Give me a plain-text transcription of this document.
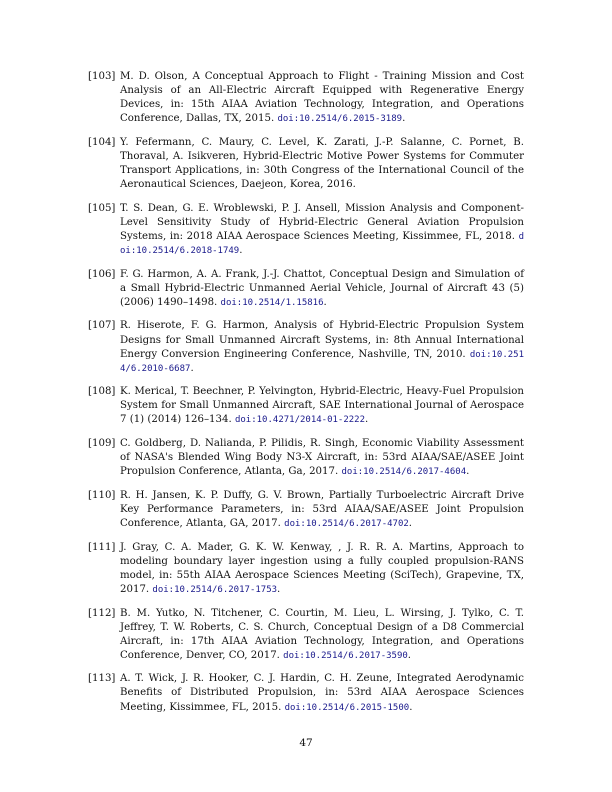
[103] M. D. Olson, A Conceptual Approach to Flight - Training Mission and Cost Analysis of an All-Electric Aircraft Equipped with Regenerative Energy Devices, in: 15th AIAA Aviation Technology, Integration, and Operations Conference, Dallas, TX, 2015. doi:10.2514/6.2015-3189.
[104] Y. Fefermann, C. Maury, C. Level, K. Zarati, J.-P. Salanne, C. Pornet, B. Thoraval, A. Isikveren, Hybrid-Electric Motive Power Systems for Commuter Transport Applications, in: 30th Congress of the International Council of the Aeronautical Sciences, Daejeon, Korea, 2016.
[105] T. S. Dean, G. E. Wroblewski, P. J. Ansell, Mission Analysis and Component-Level Sensitivity Study of Hybrid-Electric General Aviation Propulsion Systems, in: 2018 AIAA Aerospace Sciences Meeting, Kissimmee, FL, 2018. doi:10.2514/6.2018-1749.
[106] F. G. Harmon, A. A. Frank, J.-J. Chattot, Conceptual Design and Simulation of a Small Hybrid-Electric Unmanned Aerial Vehicle, Journal of Aircraft 43 (5) (2006) 1490–1498. doi:10.2514/1.15816.
[107] R. Hiserote, F. G. Harmon, Analysis of Hybrid-Electric Propulsion System Designs for Small Unmanned Aircraft Systems, in: 8th Annual International Energy Conversion Engineering Conference, Nashville, TN, 2010. doi:10.2514/6.2010-6687.
[108] K. Merical, T. Beechner, P. Yelvington, Hybrid-Electric, Heavy-Fuel Propulsion System for Small Unmanned Aircraft, SAE International Journal of Aerospace 7 (1) (2014) 126–134. doi:10.4271/2014-01-2222.
[109] C. Goldberg, D. Nalianda, P. Pilidis, R. Singh, Economic Viability Assessment of NASA's Blended Wing Body N3-X Aircraft, in: 53rd AIAA/SAE/ASEE Joint Propulsion Conference, Atlanta, Ga, 2017. doi:10.2514/6.2017-4604.
[110] R. H. Jansen, K. P. Duffy, G. V. Brown, Partially Turboelectric Aircraft Drive Key Performance Parameters, in: 53rd AIAA/SAE/ASEE Joint Propulsion Conference, Atlanta, GA, 2017. doi:10.2514/6.2017-4702.
[111] J. Gray, C. A. Mader, G. K. W. Kenway, , J. R. R. A. Martins, Approach to modeling boundary layer ingestion using a fully coupled propulsion-RANS model, in: 55th AIAA Aerospace Sciences Meeting (SciTech), Grapevine, TX, 2017. doi:10.2514/6.2017-1753.
[112] B. M. Yutko, N. Titchener, C. Courtin, M. Lieu, L. Wirsing, J. Tylko, C. T. Jeffrey, T. W. Roberts, C. S. Church, Conceptual Design of a D8 Commercial Aircraft, in: 17th AIAA Aviation Technology, Integration, and Operations Conference, Denver, CO, 2017. doi:10.2514/6.2017-3590.
[113] A. T. Wick, J. R. Hooker, C. J. Hardin, C. H. Zeune, Integrated Aerodynamic Benefits of Distributed Propulsion, in: 53rd AIAA Aerospace Sciences Meeting, Kissimmee, FL, 2015. doi:10.2514/6.2015-1500.
47
